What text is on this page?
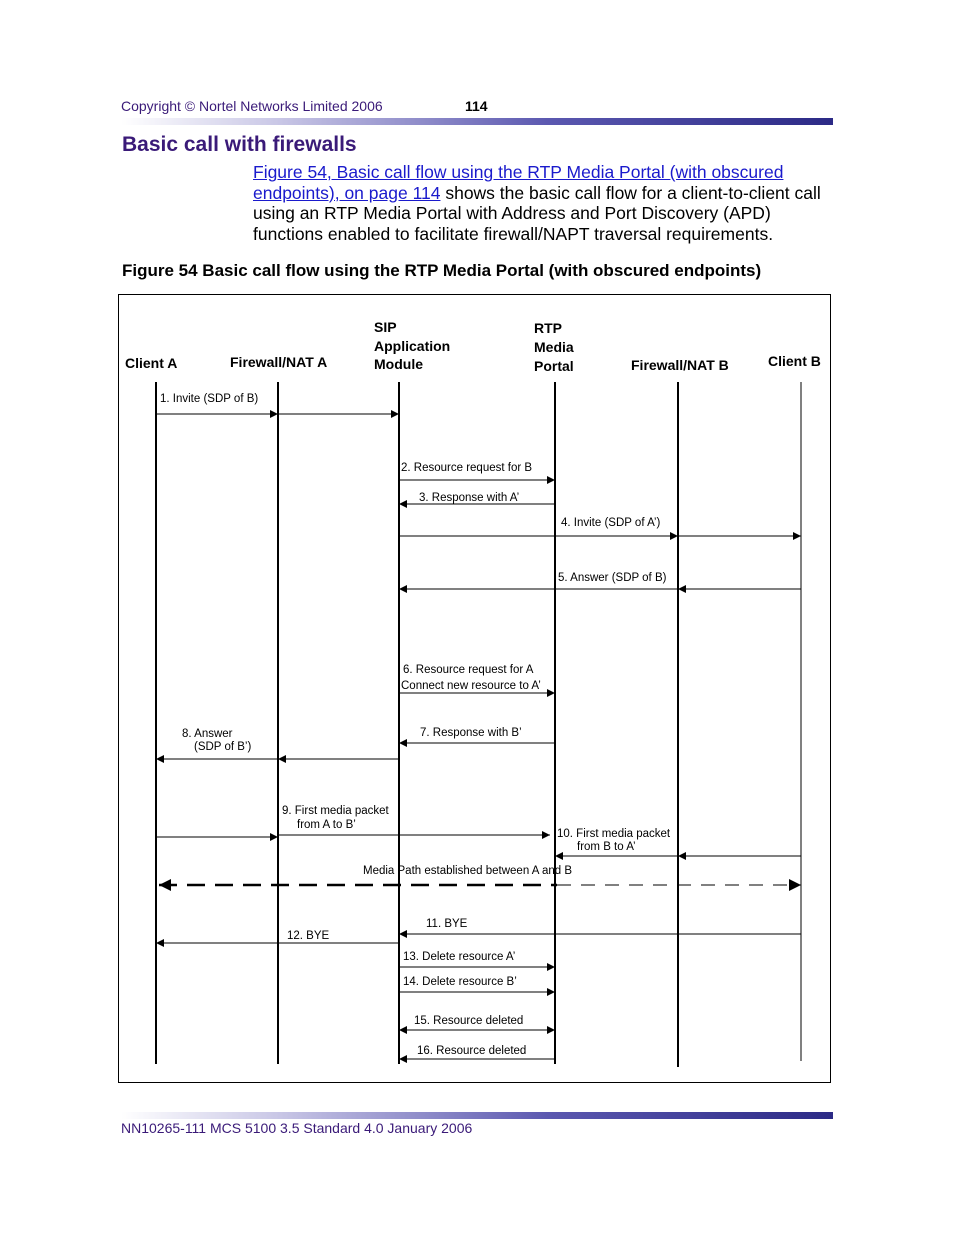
Copyright © Nortel Networks Limited 2006	114
Basic call with firewalls

Figure 54, Basic call flow using the RTP Media Portal (with obscured
endpoints), on page 114 shows the basic call flow for a client-to-client call using an RTP Media Portal with Address and Port Discovery (APD) functions enabled to facilitate firewall/NAPT traversal requirements.

Figure 54 Basic call flow using the RTP Media Portal (with obscured endpoints)
Client A	Firewall/NAT A
SIP
Application
Module
RTP
Media
Portal	Firewall/NAT B	Client B
1. Invite (SDP of B)
2. Resource request for B
3. Response with A’
4. Invite (SDP of A’)
5. Answer (SDP of B)
6. Resource request for A
Connect new resource to A’
7. Response with B’
8. Answer
(SDP of B’)
9. First media packet
from A to B’
10. First media packet
from B to A’
Media Path established between A and B
11. BYE
12. BYE
13. Delete resource A’
14. Delete resource B’
15. Resource deleted
16. Resource deleted
NN10265-111 MCS 5100 3.5 Standard 4.0 January 2006
